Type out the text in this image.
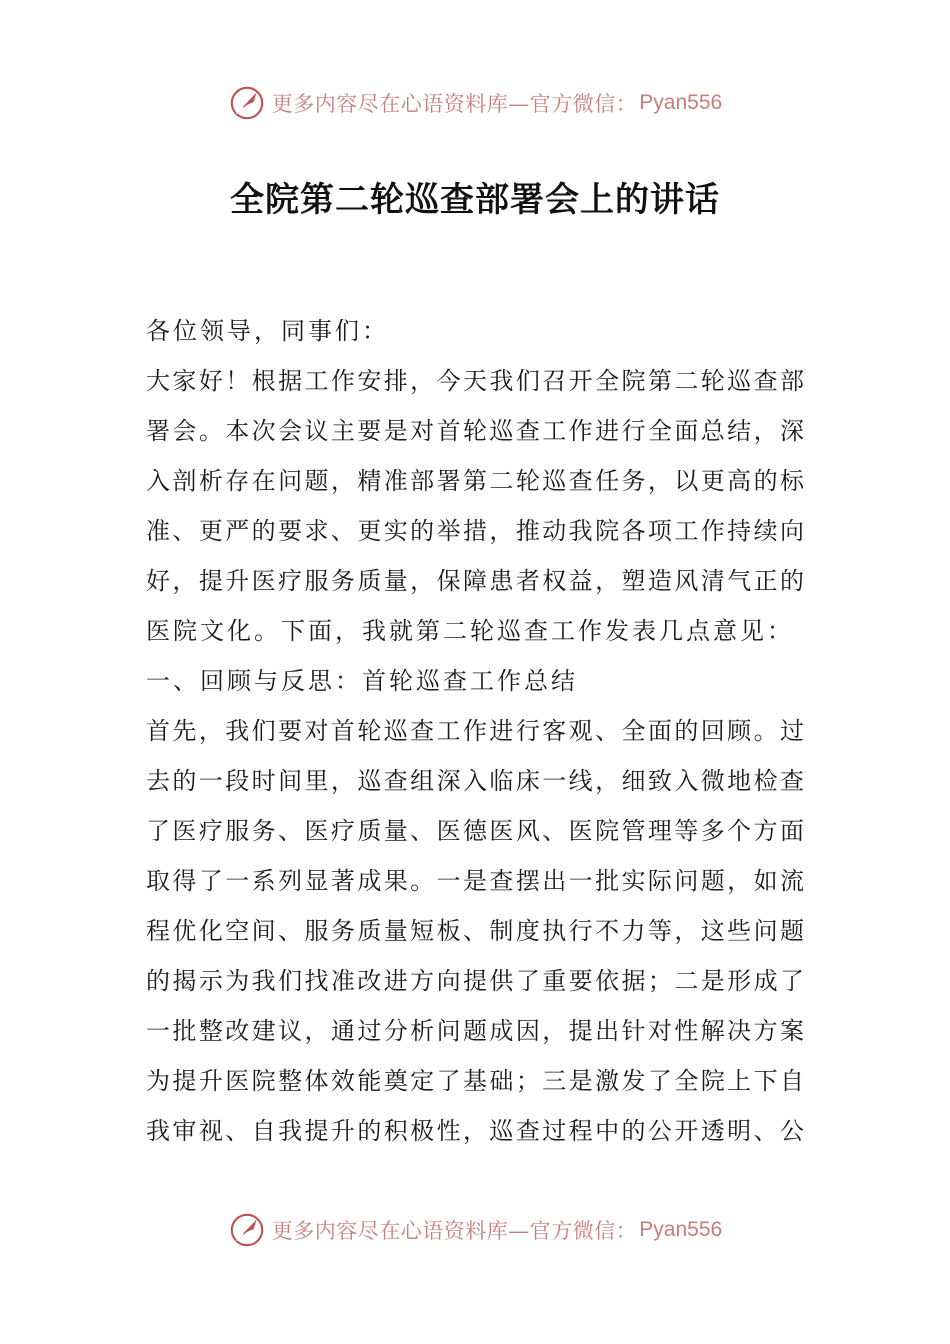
更多内容尽在心语资料库—官方微信： Pyan556
全院第二轮巡查部署会上的讲话
各位领导，同事们：
大家好！根据工作安排，今天我们召开全院第二轮巡查部
署会。本次会议主要是对首轮巡查工作进行全面总结，深
入剖析存在问题，精准部署第二轮巡查任务，以更高的标
准、更严的要求、更实的举措，推动我院各项工作持续向
好，提升医疗服务质量，保障患者权益，塑造风清气正的
医院文化。下面，我就第二轮巡查工作发表几点意见：
一、回顾与反思：首轮巡查工作总结
首先，我们要对首轮巡查工作进行客观、全面的回顾。过
去的一段时间里，巡查组深入临床一线，细致入微地检查
了医疗服务、医疗质量、医德医风、医院管理等多个方面
取得了一系列显著成果。一是查摆出一批实际问题，如流
程优化空间、服务质量短板、制度执行不力等，这些问题
的揭示为我们找准改进方向提供了重要依据；二是形成了
一批整改建议，通过分析问题成因，提出针对性解决方案
为提升医院整体效能奠定了基础；三是激发了全院上下自
我审视、自我提升的积极性，巡查过程中的公开透明、公
更多内容尽在心语资料库—官方微信： Pyan556
